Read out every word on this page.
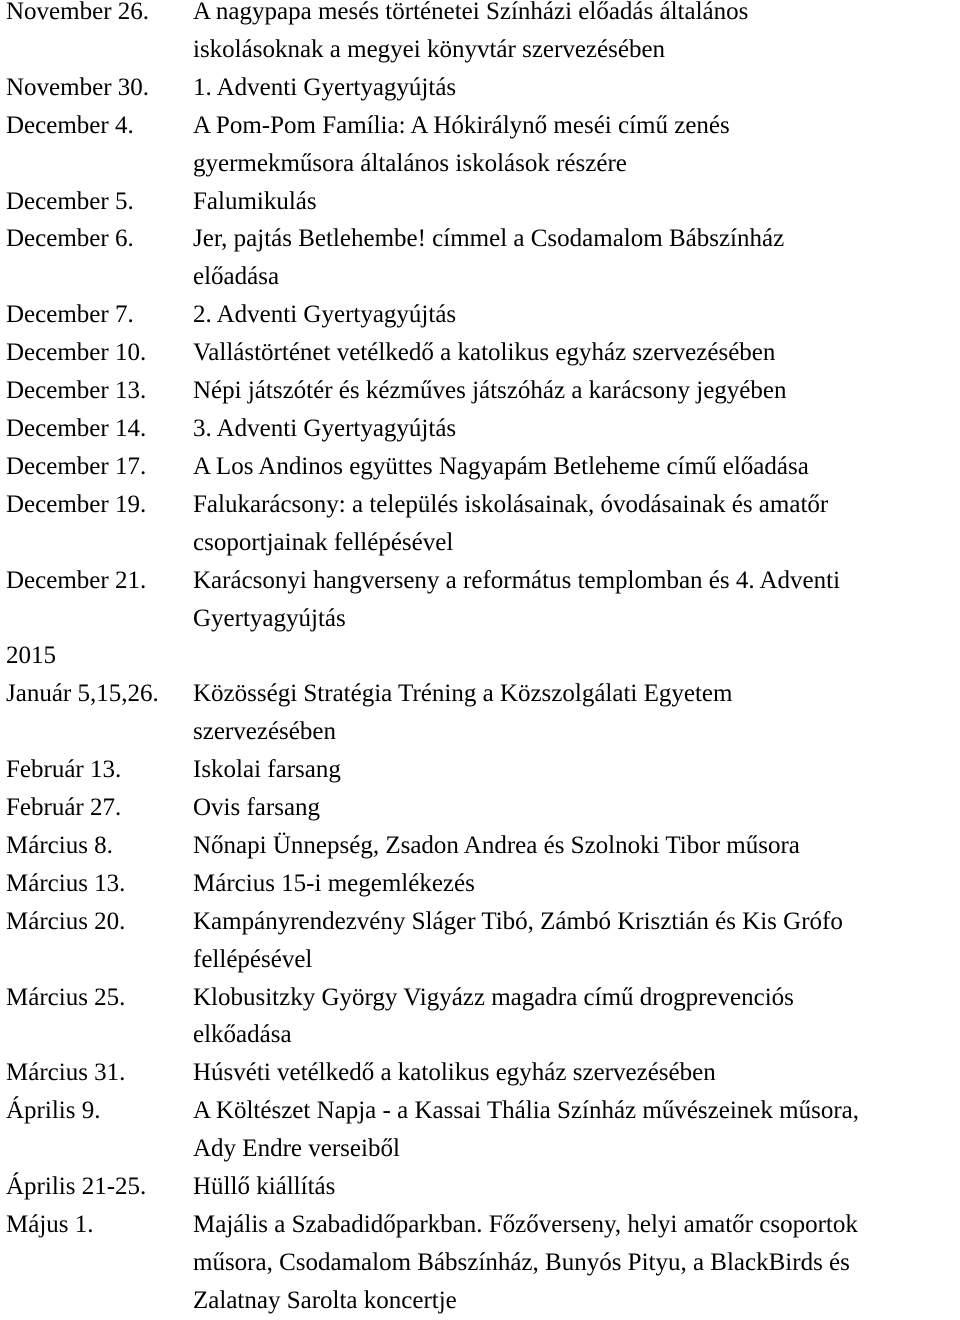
November 26.	A nagypapa mesés történetei Színházi előadás általános
iskolásoknak a megyei könyvtár szervezésében
November 30.	1. Adventi Gyertyagyújtás
December 4.	A Pom-Pom Família: A Hókirálynő meséi című zenés
gyermekműsora általános iskolások részére
December 5.	Falumikulás
December 6.	Jer, pajtás Betlehembe! címmel a Csodamalom Bábszínház
előadása
December 7.	2. Adventi Gyertyagyújtás
December 10.	Vallástörténet vetélkedő a katolikus egyház szervezésében
December 13.	Népi játszótér és kézműves játszóház a karácsony jegyében
December 14.	3. Adventi Gyertyagyújtás
December 17.	A Los Andinos együttes Nagyapám Betleheme című előadása
December 19.	Falukarácsony: a település iskolásainak, óvodásainak és amatőr
csoportjainak fellépésével
December 21.	Karácsonyi hangverseny a református templomban és 4. Adventi
Gyertyagyújtás
2015
Január 5,15,26.	Közösségi Stratégia Tréning a Közszolgálati Egyetem
szervezésében
Február 13.	Iskolai farsang
Február 27.	Ovis farsang
Március 8.	Nőnapi Ünnepség, Zsadon Andrea és Szolnoki Tibor műsora
Március 13.	Március 15-i megemlékezés
Március 20.	Kampányrendezvény Sláger Tibó, Zámbó Krisztián és Kis Grófo
fellépésével
Március 25.	Klobusitzky György Vigyázz magadra című drogprevenciós
elkőadása
Március 31.	Húsvéti vetélkedő a katolikus egyház szervezésében
Április 9.	A Költészet Napja - a Kassai Thália Színház művészeinek műsora,
Ady Endre verseiből
Április 21-25.	Hüllő kiállítás
Május 1.	Majális a Szabadidőparkban. Főzőverseny, helyi amatőr csoportok
műsora, Csodamalom Bábszínház, Bunyós Pityu, a BlackBirds és
Zalatnay Sarolta koncertje
